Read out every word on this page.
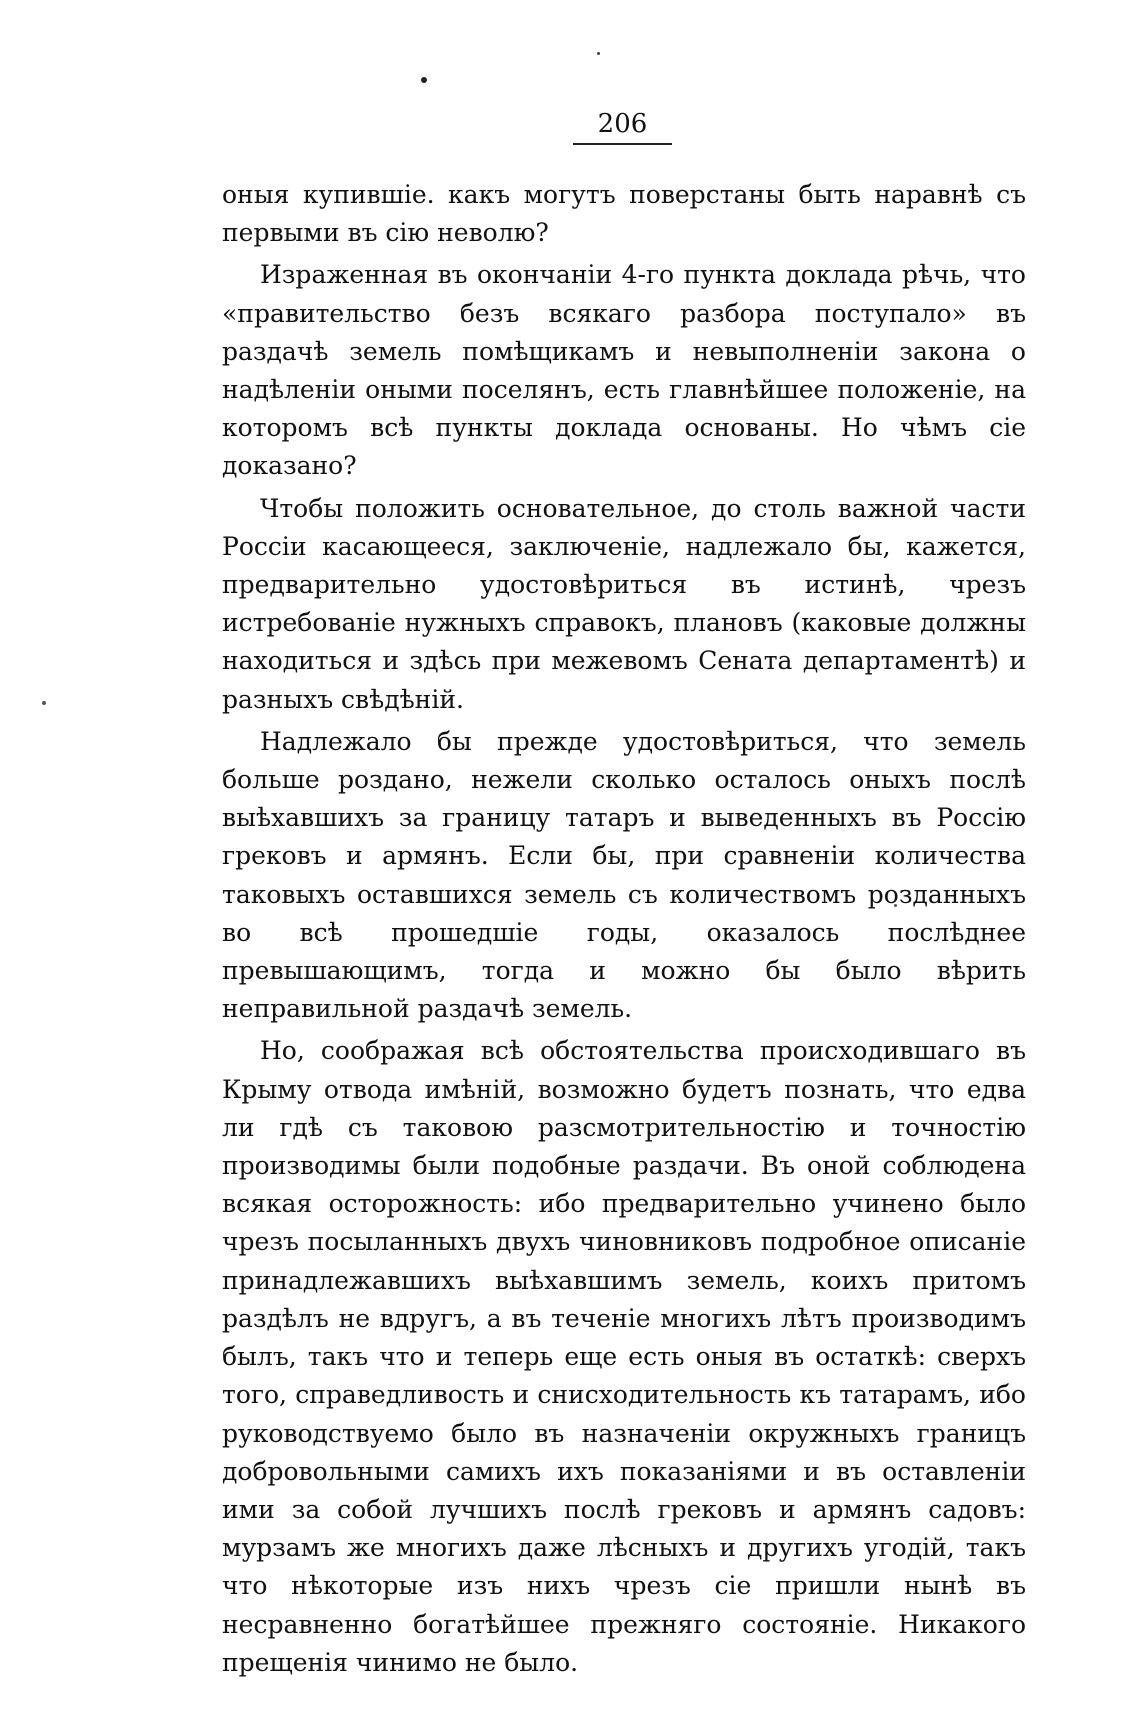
206

оныя купившiе. какъ могутъ поверстаны быть наравнѣ съ первыми въ сiю неволю?

Израженная въ окончанiи 4-го пункта доклада рѣчь, что «правительство безъ всякаго разбора поступало» въ раздачѣ земель помѣщикамъ и невыполненiи закона о надѣленiи оными поселянъ, есть главнѣйшее положенiе, на которомъ всѣ пункты доклада основаны. Но чѣмъ сiе доказано?

Чтобы положить основательное, до столь важной части Россiи касающееся, заключенiе, надлежало бы, кажется, предварительно удостовѣриться въ истинѣ, чрезъ истребованiе нужныхъ справокъ, плановъ (каковые должны находиться и здѣсь при межевомъ Сената департаментѣ) и разныхъ свѣдѣнiй.

Надлежало бы прежде удостовѣриться, что земель больше роздано, нежели сколько осталось оныхъ послѣ выѣхавшихъ за границу татаръ и выведенныхъ въ Россiю грековъ и армянъ. Если бы, при сравненiи количества таковыхъ оставшихся земель съ количествомъ розданныхъ во всѣ прошедшiе годы, оказалось послѣднее превышающимъ, тогда и можно бы было вѣрить неправильной раздачѣ земель.

Но, соображая всѣ обстоятельства происходившаго въ Крыму отвода имѣнiй, возможно будетъ познать, что едва ли гдѣ съ таковою разсмотрительностiю и точностiю производимы были подобные раздачи. Въ оной соблюдена всякая осторожность: ибо предварительно учинено было чрезъ посыланныхъ двухъ чиновниковъ подробное описанiе принадлежавшихъ выѣхавшимъ земель, коихъ притомъ раздѣлъ не вдругъ, а въ теченiе многихъ лѣтъ производимъ былъ, такъ что и теперь еще есть оныя въ остаткѣ: сверхъ того, справедливость и снисходительность къ татарамъ, ибо руководствуемо было въ назначенiи окружныхъ границъ добровольными самихъ ихъ показанiями и въ оставленiи ими за собой лучшихъ послѣ грековъ и армянъ садовъ: мурзамъ же многихъ даже лѣсныхъ и другихъ угодiй, такъ что нѣкоторые изъ нихъ чрезъ сiе пришли нынѣ въ несравненно богатѣйшее прежняго состоянiе. Никакого прещенiя чинимо не было.
